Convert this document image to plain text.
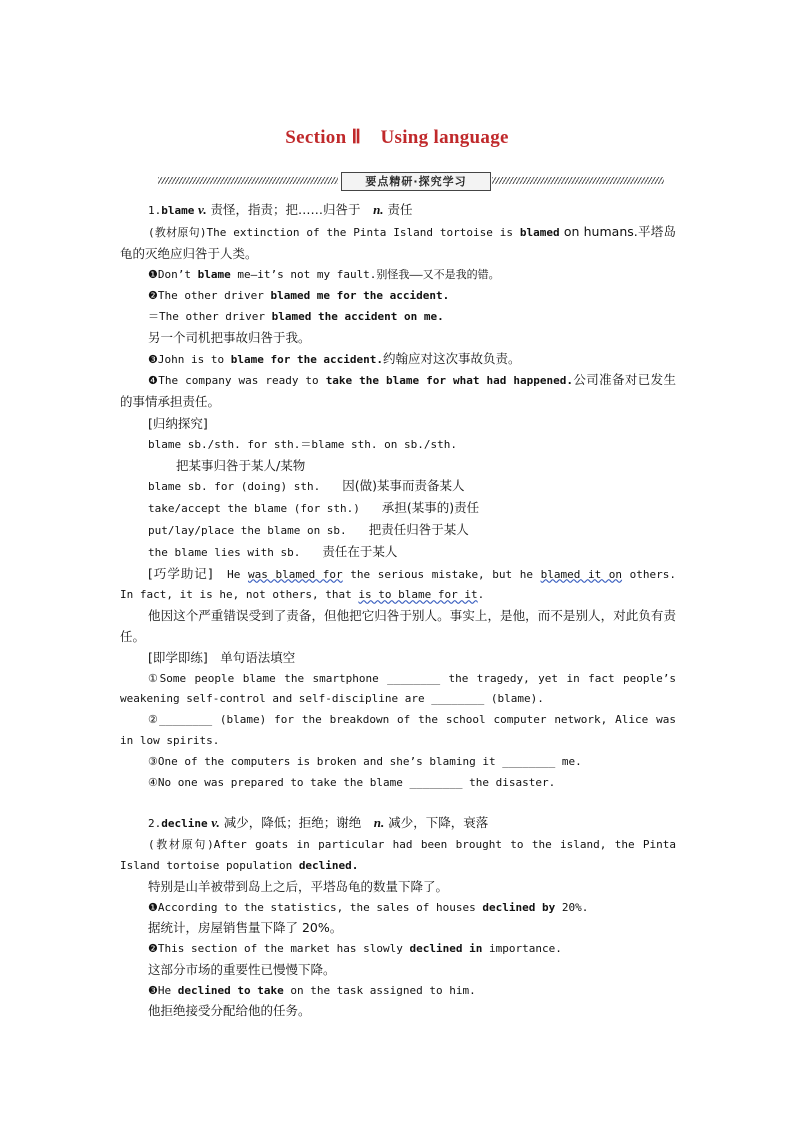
Section Ⅱ　Using language
要点精研·探究学习
1.blame v. 责怪，指责；把……归咎于　n. 责任
(教材原句)The extinction of the Pinta Island tortoise is blamed on humans.平塔岛龟的灭绝应归咎于人类。
❶Don’t blame me—it’s not my fault.别怪我——又不是我的错。
❷The other driver blamed me for the accident.
＝The other driver blamed the accident on me.
另一个司机把事故归咎于我。
❸John is to blame for the accident.约翰应对这次事故负责。
❹The company was ready to take the blame for what had happened.公司准备对已发生的事情承担责任。
[归纳探究]
blame sb./sth. for sth.＝blame sth. on sb./sth.
把某事归咎于某人/某物
blame sb. for (doing) sth. 因(做)某事而责备某人
take/accept the blame (for sth.) 承担(某事的)责任
put/lay/place the blame on sb. 把责任归咎于某人
the blame lies with sb. 责任在于某人
[巧学助记]　He was blamed for the serious mistake, but he blamed it on others. In fact, it is he, not others, that is to blame for it.
他因这个严重错误受到了责备，但他把它归咎于别人。事实上，是他，而不是别人，对此负有责任。
[即学即练]　单句语法填空
①Some people blame the smartphone ________ the tragedy, yet in fact people’s weakening self-control and self-discipline are ________ (blame).
②________ (blame) for the breakdown of the school computer network, Alice was in low spirits.
③One of the computers is broken and she’s blaming it ________ me.
④No one was prepared to take the blame ________ the disaster.
2.decline v. 减少，降低；拒绝；谢绝　n. 减少，下降，衰落
(教材原句)After goats in particular had been brought to the island, the Pinta Island tortoise population declined.
特别是山羊被带到岛上之后，平塔岛龟的数量下降了。
❶According to the statistics, the sales of houses declined by 20%.
据统计，房屋销售量下降了 20%。
❷This section of the market has slowly declined in importance.
这部分市场的重要性已慢慢下降。
❸He declined to take on the task assigned to him.
他拒绝接受分配给他的任务。
